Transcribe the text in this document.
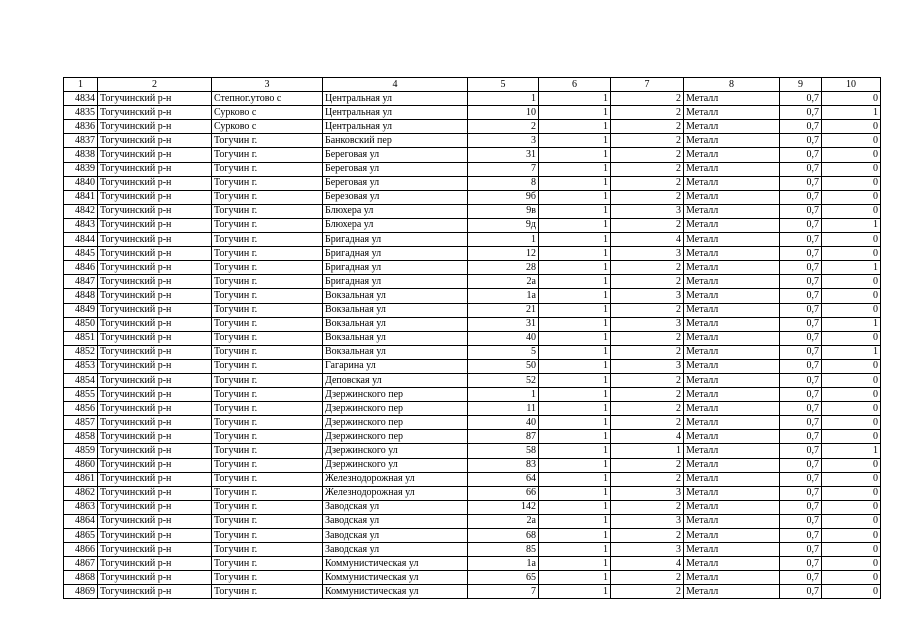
1	2	3	4	5	6	7	8	9	10
4834	Тогучинский р-н	Степног.утово с	Центральная ул	1	1	2	Металл	0,7	0
4835	Тогучинский р-н	Сурково с	Центральная ул	10	1	2	Металл	0,7	1
4836	Тогучинский р-н	Сурково с	Центральная ул	2	1	2	Металл	0,7	0
4837	Тогучинский р-н	Тогучин г.	Банковский пер	3	1	2	Металл	0,7	0
4838	Тогучинский р-н	Тогучин г.	Береговая ул	31	1	2	Металл	0,7	0
4839	Тогучинский р-н	Тогучин г.	Береговая ул	7	1	2	Металл	0,7	0
4840	Тогучинский р-н	Тогучин г.	Береговая ул	8	1	2	Металл	0,7	0
4841	Тогучинский р-н	Тогучин г.	Березовая ул	9б	1	2	Металл	0,7	0
4842	Тогучинский р-н	Тогучин г.	Блюхера ул	9в	1	3	Металл	0,7	0
4843	Тогучинский р-н	Тогучин г.	Блюхера ул	9д	1	2	Металл	0,7	1
4844	Тогучинский р-н	Тогучин г.	Бригадная ул	1	1	4	Металл	0,7	0
4845	Тогучинский р-н	Тогучин г.	Бригадная ул	12	1	3	Металл	0,7	0
4846	Тогучинский р-н	Тогучин г.	Бригадная ул	28	1	2	Металл	0,7	1
4847	Тогучинский р-н	Тогучин г.	Бригадная ул	2а	1	2	Металл	0,7	0
4848	Тогучинский р-н	Тогучин г.	Вокзальная ул	1а	1	3	Металл	0,7	0
4849	Тогучинский р-н	Тогучин г.	Вокзальная ул	21	1	2	Металл	0,7	0
4850	Тогучинский р-н	Тогучин г.	Вокзальная ул	31	1	3	Металл	0,7	1
4851	Тогучинский р-н	Тогучин г.	Вокзальная ул	40	1	2	Металл	0,7	0
4852	Тогучинский р-н	Тогучин г.	Вокзальная ул	5	1	2	Металл	0,7	1
4853	Тогучинский р-н	Тогучин г.	Гагарина ул	50	1	3	Металл	0,7	0
4854	Тогучинский р-н	Тогучин г.	Деповская ул	52	1	2	Металл	0,7	0
4855	Тогучинский р-н	Тогучин г.	Дзержинского пер	1	1	2	Металл	0,7	0
4856	Тогучинский р-н	Тогучин г.	Дзержинского пер	11	1	2	Металл	0,7	0
4857	Тогучинский р-н	Тогучин г.	Дзержинского пер	40	1	2	Металл	0,7	0
4858	Тогучинский р-н	Тогучин г.	Дзержинского пер	87	1	4	Металл	0,7	0
4859	Тогучинский р-н	Тогучин г.	Дзержинского ул	58	1	1	Металл	0,7	1
4860	Тогучинский р-н	Тогучин г.	Дзержинского ул	83	1	2	Металл	0,7	0
4861	Тогучинский р-н	Тогучин г.	Железнодорожная ул	64	1	2	Металл	0,7	0
4862	Тогучинский р-н	Тогучин г.	Железнодорожная ул	66	1	3	Металл	0,7	0
4863	Тогучинский р-н	Тогучин г.	Заводская ул	142	1	2	Металл	0,7	0
4864	Тогучинский р-н	Тогучин г.	Заводская ул	2а	1	3	Металл	0,7	0
4865	Тогучинский р-н	Тогучин г.	Заводская ул	68	1	2	Металл	0,7	0
4866	Тогучинский р-н	Тогучин г.	Заводская ул	85	1	3	Металл	0,7	0
4867	Тогучинский р-н	Тогучин г.	Коммунистическая ул	1а	1	4	Металл	0,7	0
4868	Тогучинский р-н	Тогучин г.	Коммунистическая ул	65	1	2	Металл	0,7	0
4869	Тогучинский р-н	Тогучин г.	Коммунистическая ул	7	1	2	Металл	0,7	0
